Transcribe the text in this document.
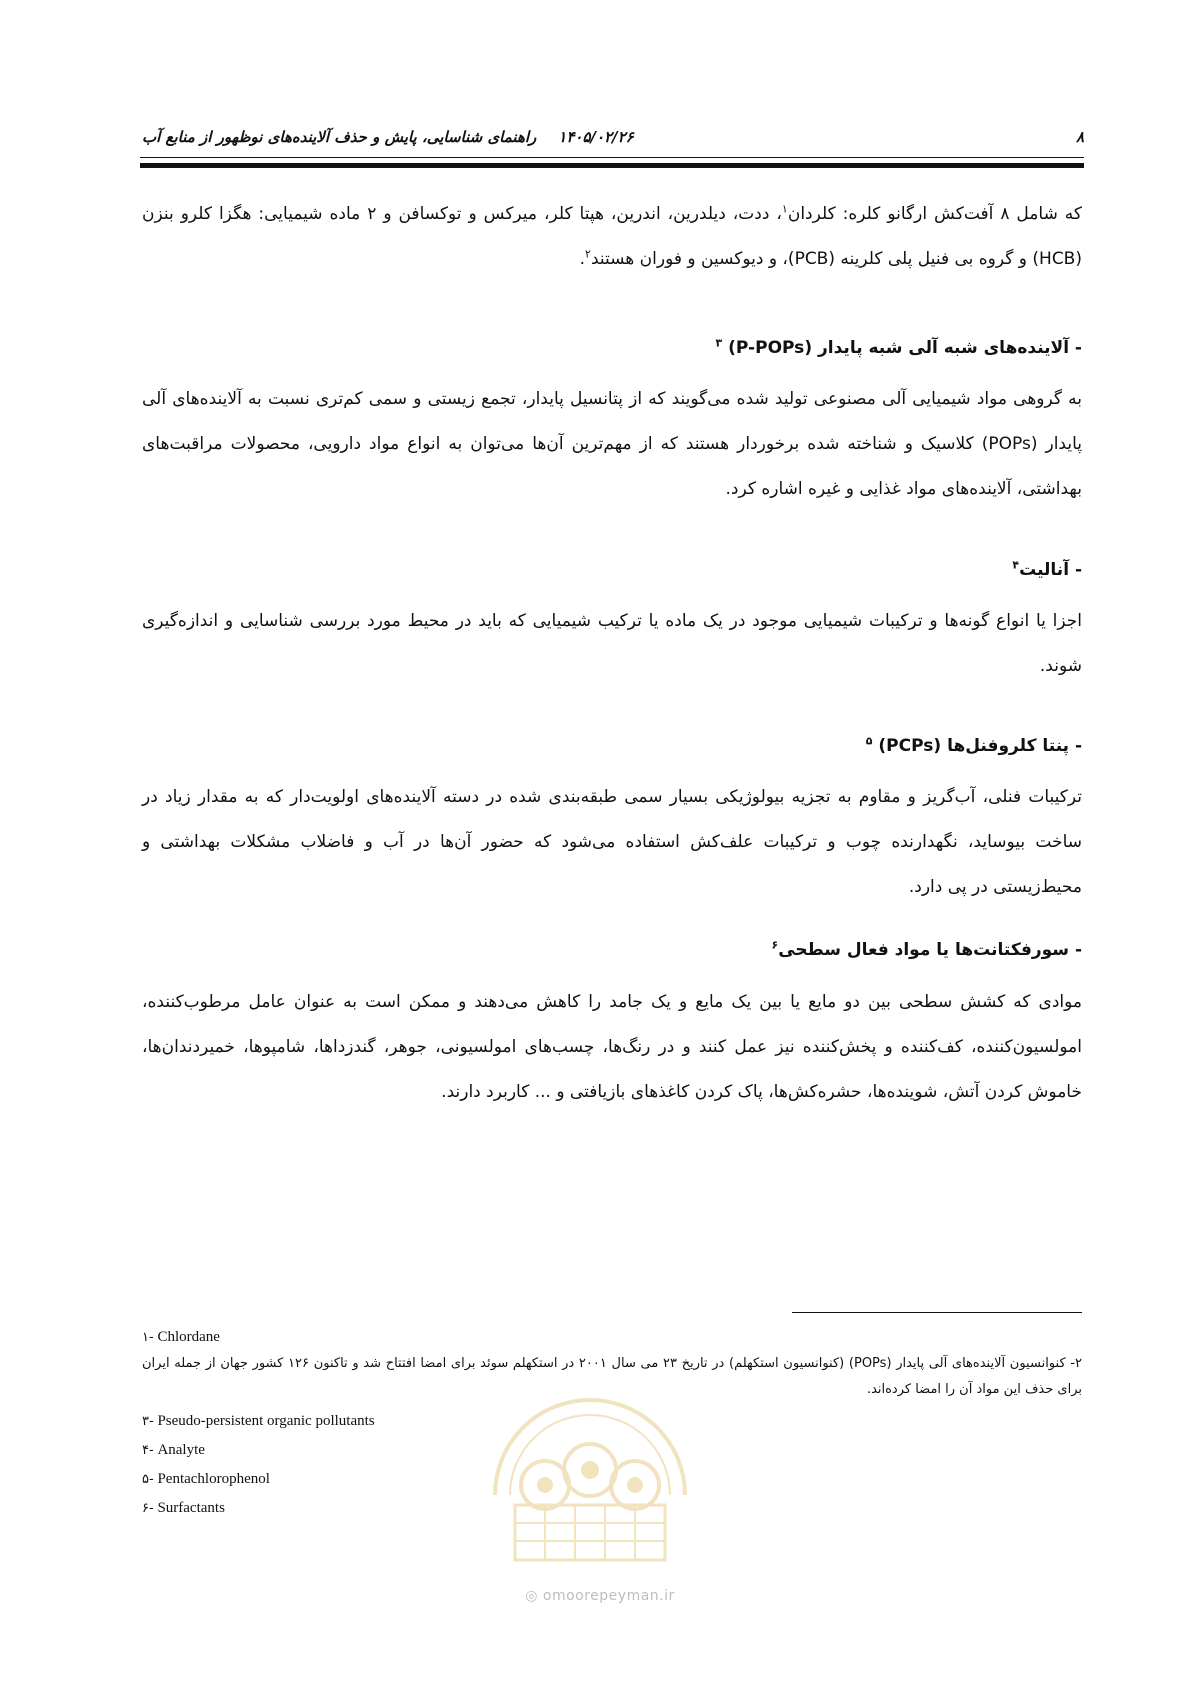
۸
۱۴۰۵/۰۲/۲۶راهنمای شناسایی، پایش و حذف آلاینده‌های نوظهور از منابع آب

که شامل ۸ آفت‌کش ارگانو کلره: کلردان$^۱$، ددت، دیلدرین، اندرین، هپتا کلر، میرکس و توکسافن و ۲ ماده شیمیایی: هگزا کلرو بنزن (HCB) و گروه بی فنیل پلی کلرینه (PCB)، و دیوکسین و فوران هستند$^۲$.

- آلاینده‌های شبه آلی شبه پایدار (P-POPs) $^۳$

به گروهی مواد شیمیایی آلی مصنوعی تولید شده می‌گویند که از پتانسیل پایدار، تجمع زیستی و سمی کم‌تری نسبت به آلاینده‌های آلی پایدار (POPs) کلاسیک و شناخته شده برخوردار هستند که از مهم‌ترین آن‌ها می‌توان به انواع مواد دارویی، محصولات مراقبت‌های بهداشتی، آلاینده‌های مواد غذایی و غیره اشاره کرد.

- آنالیت$^۴$

اجزا یا انواع گونه‌ها و ترکیبات شیمیایی موجود در یک ماده یا ترکیب شیمیایی که باید در محیط مورد بررسی شناسایی و اندازه‌گیری شوند.

- پنتا کلروفنل‌ها (PCPs) $^۵$

ترکیبات فنلی، آب‌گریز و مقاوم به تجزیه بیولوژیکی بسیار سمی طبقه‌بندی شده در دسته آلاینده‌های اولویت‌دار که به مقدار زیاد در ساخت بیوساید، نگهدارنده چوب و ترکیبات علف‌کش استفاده می‌شود که حضور آن‌ها در آب و فاضلاب مشکلات بهداشتی و محیط‌زیستی در پی دارد.

- سورفکتانت‌ها یا مواد فعال سطحی$^۶$

موادی که کشش سطحی بین دو مایع یا بین یک مایع و یک جامد را کاهش می‌دهند و ممکن است به عنوان عامل مرطوب‌کننده، امولسیون‌کننده، کف‌کننده و پخش‌کننده نیز عمل کنند و در رنگ‌ها، چسب‌های امولسیونی، جوهر، گندزداها، شامپوها، خمیردندان‌ها، خاموش کردن آتش، شوینده‌ها، حشره‌کش‌ها، پاک کردن کاغذهای بازیافتی و ... کاربرد دارند.

◎ omoorepeyman.ir
۱- Chlordane

۲- کنوانسیون آلاینده‌های آلی پایدار (POPs) (کنوانسیون استکهلم) در تاریخ ۲۳ می سال ۲۰۰۱ در استکهلم سوئد برای امضا افتتاح شد و تاکنون ۱۲۶ کشور جهان از جمله ایران برای حذف این مواد آن را امضا کرده‌اند.

۳- Pseudo-persistent organic pollutants
۴- Analyte
۵- Pentachlorophenol
۶- Surfactants
